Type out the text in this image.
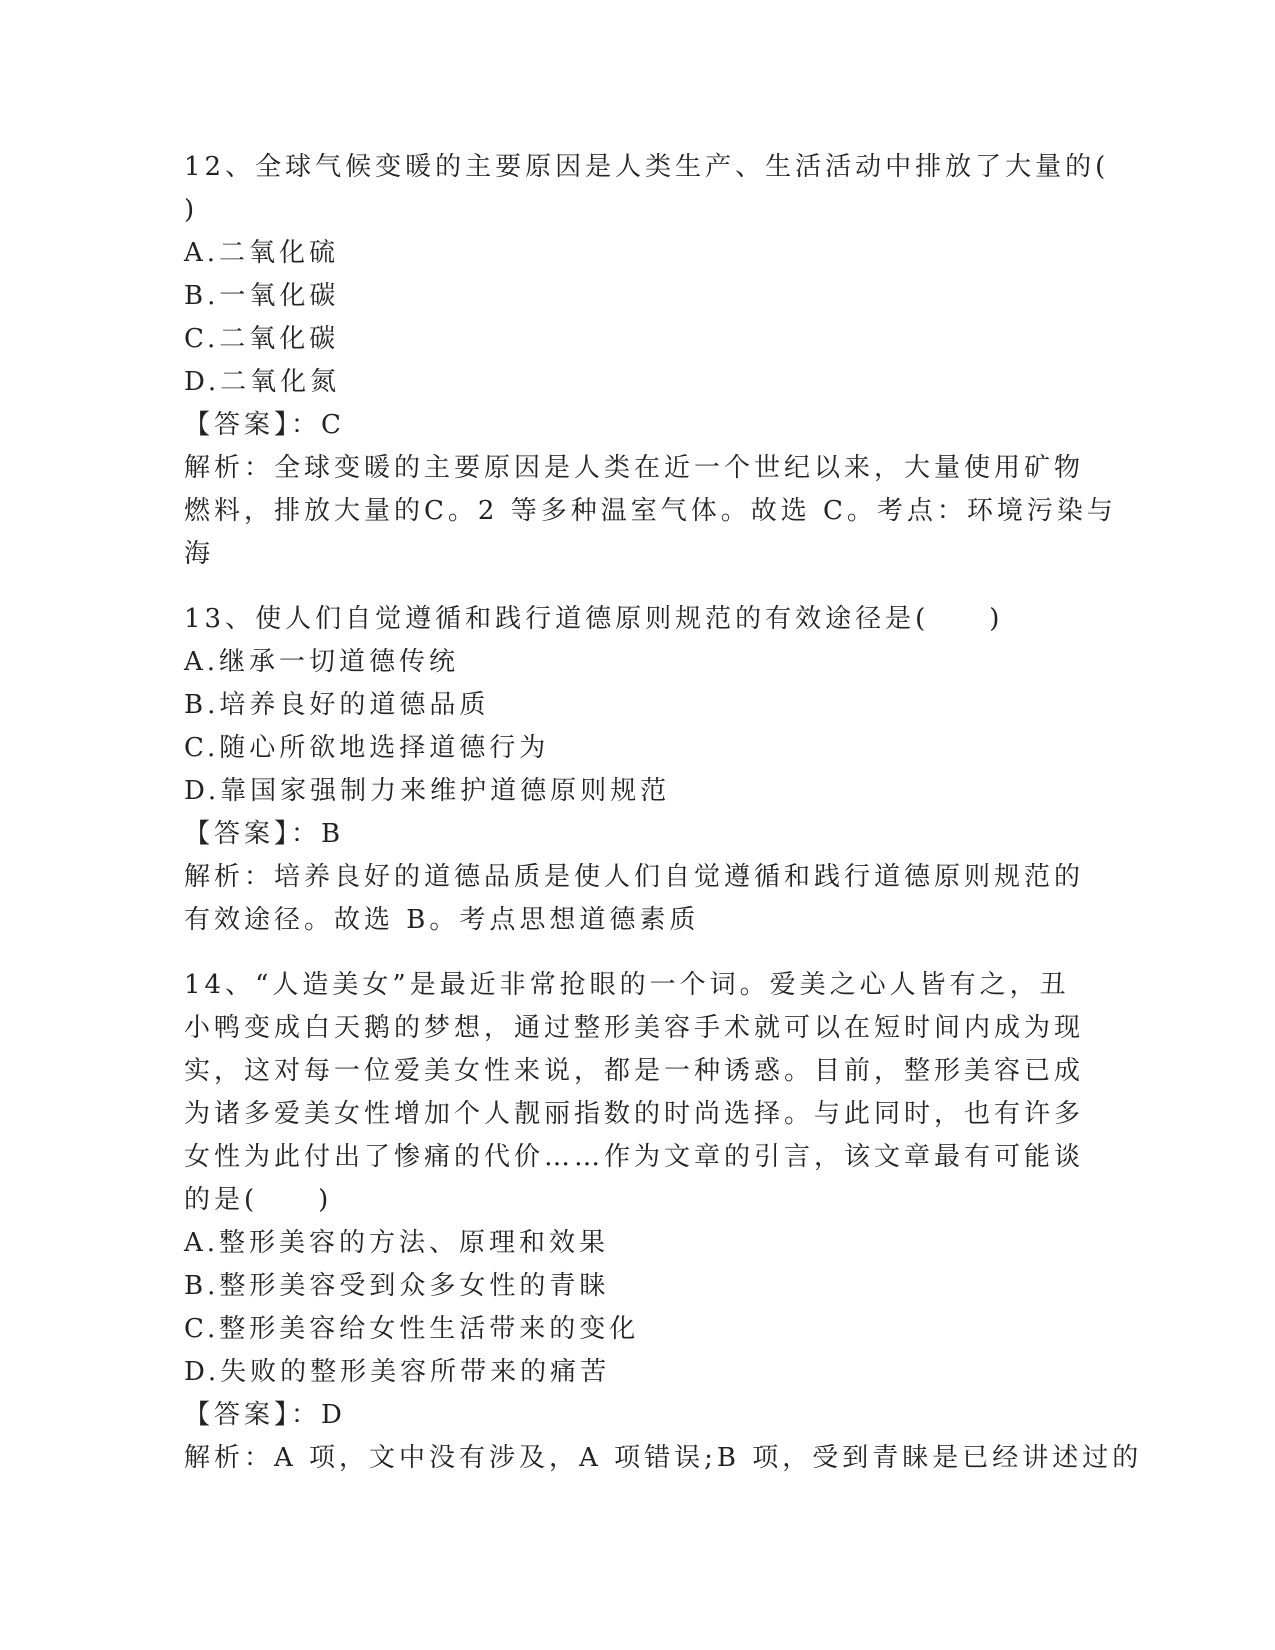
12、全球气候变暖的主要原因是人类生产、生活活动中排放了大量的(

)

A.二氧化硫

B.一氧化碳

C.二氧化碳

D.二氧化氮

【答案】：C

解析：全球变暖的主要原因是人类在近一个世纪以来，大量使用矿物

燃料，排放大量的C。2 等多种温室气体。故选 C。考点：环境污染与

海

13、使人们自觉遵循和践行道德原则规范的有效途径是(　　)

A.继承一切道德传统

B.培养良好的道德品质

C.随心所欲地选择道德行为

D.靠国家强制力来维护道德原则规范

【答案】：B

解析：培养良好的道德品质是使人们自觉遵循和践行道德原则规范的

有效途径。故选 B。考点思想道德素质

14、“人造美女”是最近非常抢眼的一个词。爱美之心人皆有之，丑

小鸭变成白天鹅的梦想，通过整形美容手术就可以在短时间内成为现

实，这对每一位爱美女性来说，都是一种诱惑。目前，整形美容已成

为诸多爱美女性增加个人靓丽指数的时尚选择。与此同时，也有许多

女性为此付出了惨痛的代价……作为文章的引言，该文章最有可能谈

的是(　　)

A.整形美容的方法、原理和效果

B.整形美容受到众多女性的青睐

C.整形美容给女性生活带来的变化

D.失败的整形美容所带来的痛苦

【答案】：D

解析：A 项，文中没有涉及，A 项错误;B 项，受到青睐是已经讲述过的
